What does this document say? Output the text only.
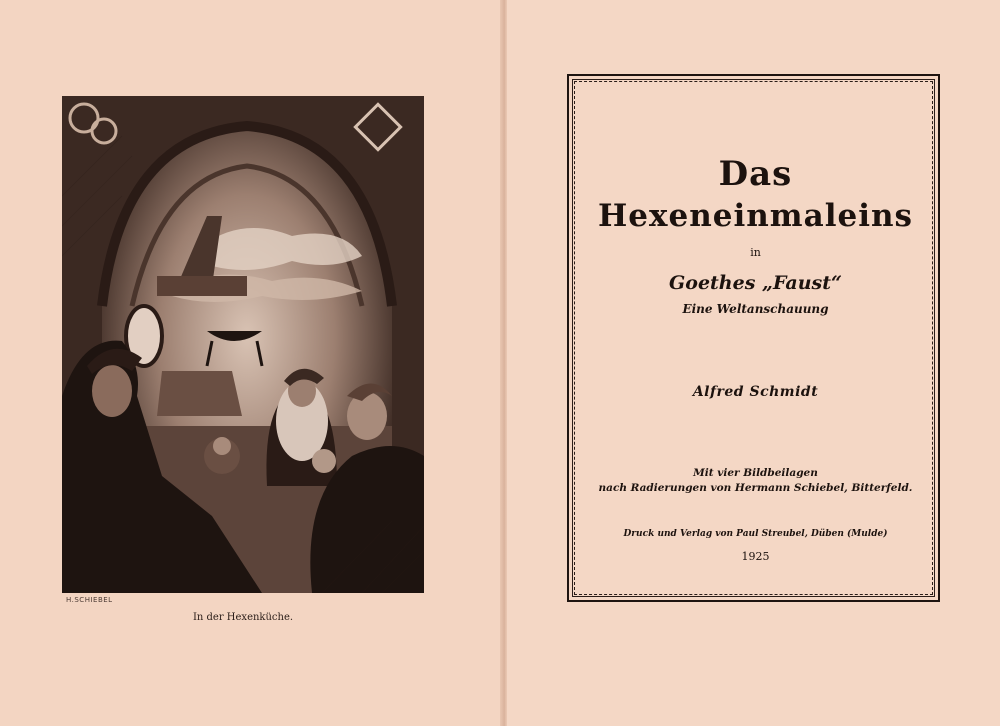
H.SCHIEBEL
In der Hexenküche.
Das
Hexeneinmaleins
in
Goethes „Faust“
Eine Weltanschauung
Alfred Schmidt
Mit vier Bildbeilagen
nach Radierungen von Hermann Schiebel, Bitterfeld.
Druck und Verlag von Paul Streubel, Düben (Mulde)
1925
